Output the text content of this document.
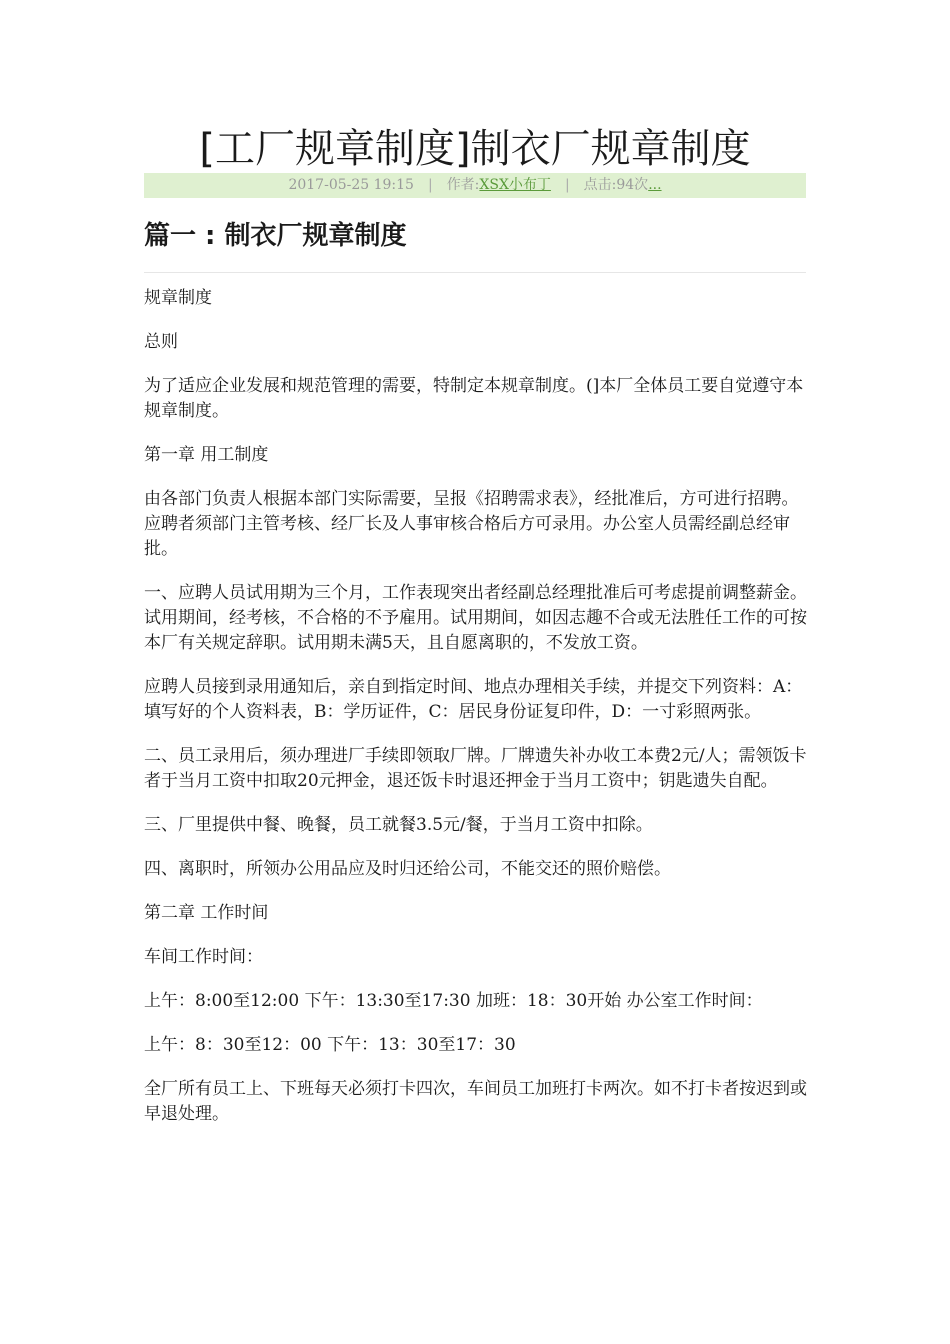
[工厂规章制度]制衣厂规章制度
2017-05-25 19:15 | 作者:XSX小布丁 | 点击:94次...
篇一 : 制衣厂规章制度

规章制度

总则

为了适应企业发展和规范管理的需要，特制定本规章制度。(]本厂全体员工要自觉遵守本规章制度。

第一章 用工制度

由各部门负责人根据本部门实际需要，呈报《招聘需求表》，经批准后，方可进行招聘。应聘者须部门主管考核、经厂长及人事审核合格后方可录用。办公室人员需经副总经审批。

一、应聘人员试用期为三个月，工作表现突出者经副总经理批准后可考虑提前调整薪金。试用期间，经考核，不合格的不予雇用。试用期间，如因志趣不合或无法胜任工作的可按本厂有关规定辞职。试用期未满5天，且自愿离职的，不发放工资。

应聘人员接到录用通知后，亲自到指定时间、地点办理相关手续，并提交下列资料：A：填写好的个人资料表，B：学历证件，C：居民身份证复印件，D：一寸彩照两张。

二、员工录用后，须办理进厂手续即领取厂牌。厂牌遗失补办收工本费2元/人；需领饭卡者于当月工资中扣取20元押金，退还饭卡时退还押金于当月工资中；钥匙遗失自配。

三、厂里提供中餐、晚餐，员工就餐3.5元/餐，于当月工资中扣除。

四、离职时，所领办公用品应及时归还给公司，不能交还的照价赔偿。

第二章 工作时间

车间工作时间：

上午：8:00至12:00 下午：13:30至17:30 加班：18：30开始 办公室工作时间：

上午：8：30至12：00 下午：13：30至17：30

全厂所有员工上、下班每天必须打卡四次，车间员工加班打卡两次。如不打卡者按迟到或早退处理。
